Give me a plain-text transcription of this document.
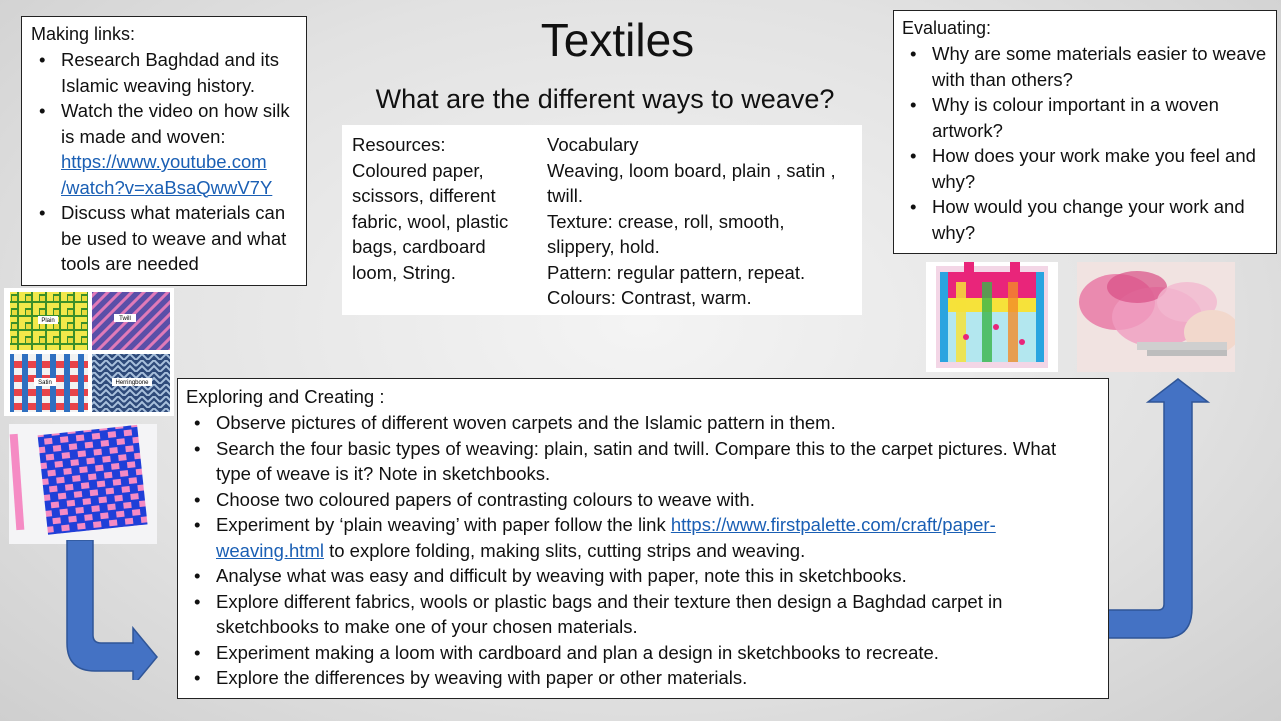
Textiles
What are the different ways to weave?
Making links:
• Research Baghdad and its Islamic weaving history.
• Watch the video on how silk is made and woven:
https://www.youtube.com
/watch?v=xaBsaQwwV7Y
• Discuss what materials can be used to weave and what tools are needed
Resources:
Coloured paper,
scissors, different
fabric, wool, plastic
bags, cardboard
loom, String.
Vocabulary
Weaving, loom board, plain , satin ,
twill.
Texture: crease, roll, smooth,
slippery, hold.
Pattern: regular pattern, repeat.
Colours: Contrast, warm.
Evaluating:
• Why are some materials easier to weave with than others?
• Why is colour important in a woven artwork?
• How does your work make you feel and why?
• How would you change your work and why?
Plain	Twill
Satin	Herringbone
Exploring and Creating :
• Observe pictures of different woven carpets and the Islamic pattern in them.
• Search the four basic types of weaving: plain, satin and twill. Compare this to the carpet pictures. What type of weave is it? Note in sketchbooks.
• Choose two coloured papers of contrasting colours to weave with.
• Experiment by ‘plain weaving’ with paper follow the link https://www.firstpalette.com/craft/paper-
weaving.html to explore folding, making slits, cutting strips and weaving.
• Analyse what was easy and difficult by weaving with paper, note this in sketchbooks.
• Explore different fabrics, wools or plastic bags and their texture then design a Baghdad carpet in sketchbooks to make one of your chosen materials.
• Experiment making a loom with cardboard and plan a design in sketchbooks to recreate.
• Explore the differences by weaving with paper or other materials.
